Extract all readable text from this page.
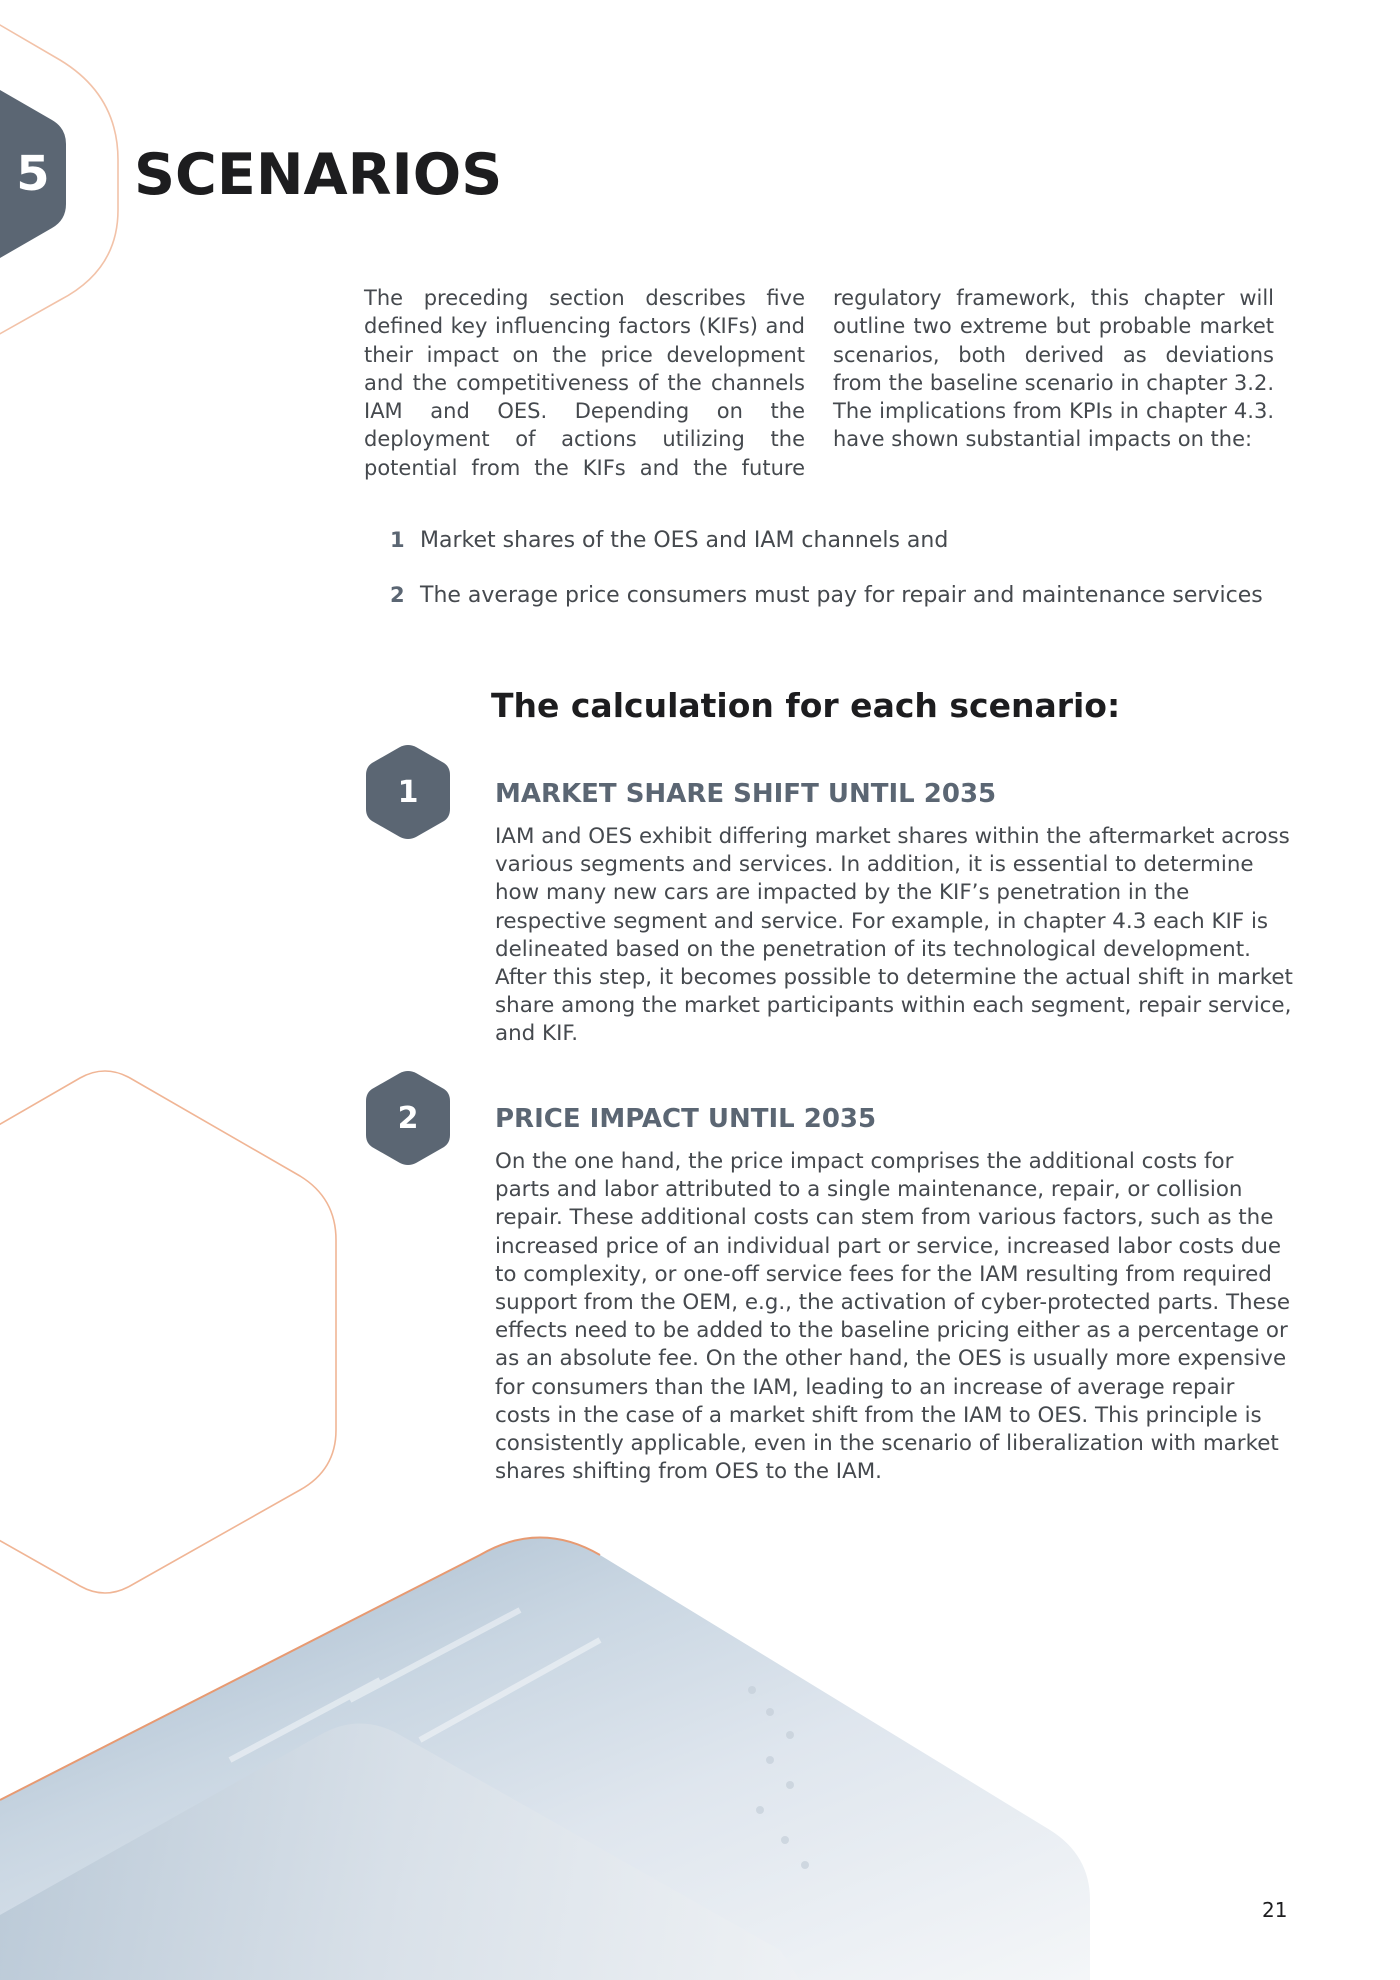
5 SCENARIOS

The preceding section describes five defined key influencing factors (KIFs) and their impact on the price development and the competitiveness of the channels IAM and OES. Depending on the deployment of actions utilizing the potential from the KIFs and the future regulatory framework, this chapter will outline two extreme but probable market scenarios, both derived as deviations from the baseline scenario in chapter 3.2. The implications from KPIs in chapter 4.3. have shown substantial impacts on the:

1 Market shares of the OES and IAM channels and
2 The average price consumers must pay for repair and maintenance services
The calculation for each scenario:
1	MARKET SHARE SHIFT UNTIL 2035

IAM and OES exhibit differing market shares within the aftermarket across various segments and services. In addition, it is essential to determine how many new cars are impacted by the KIF’s penetration in the respective segment and service. For example, in chapter 4.3 each KIF is delineated based on the penetration of its technological development. After this step, it becomes possible to determine the actual shift in market share among the market participants within each segment, repair service, and KIF.

2	PRICE IMPACT UNTIL 2035

On the one hand, the price impact comprises the additional costs for parts and labor attributed to a single maintenance, repair, or collision repair. These additional costs can stem from various factors, such as the increased price of an individual part or service, increased labor costs due to complexity, or one-off service fees for the IAM resulting from required support from the OEM, e.g., the activation of cyber-protected parts. These effects need to be added to the baseline pricing either as a percentage or as an absolute fee. On the other hand, the OES is usually more expensive for consumers than the IAM, leading to an increase of average repair costs in the case of a market shift from the IAM to OES. This principle is consistently applicable, even in the scenario of liberalization with market shares shifting from OES to the IAM.

21
